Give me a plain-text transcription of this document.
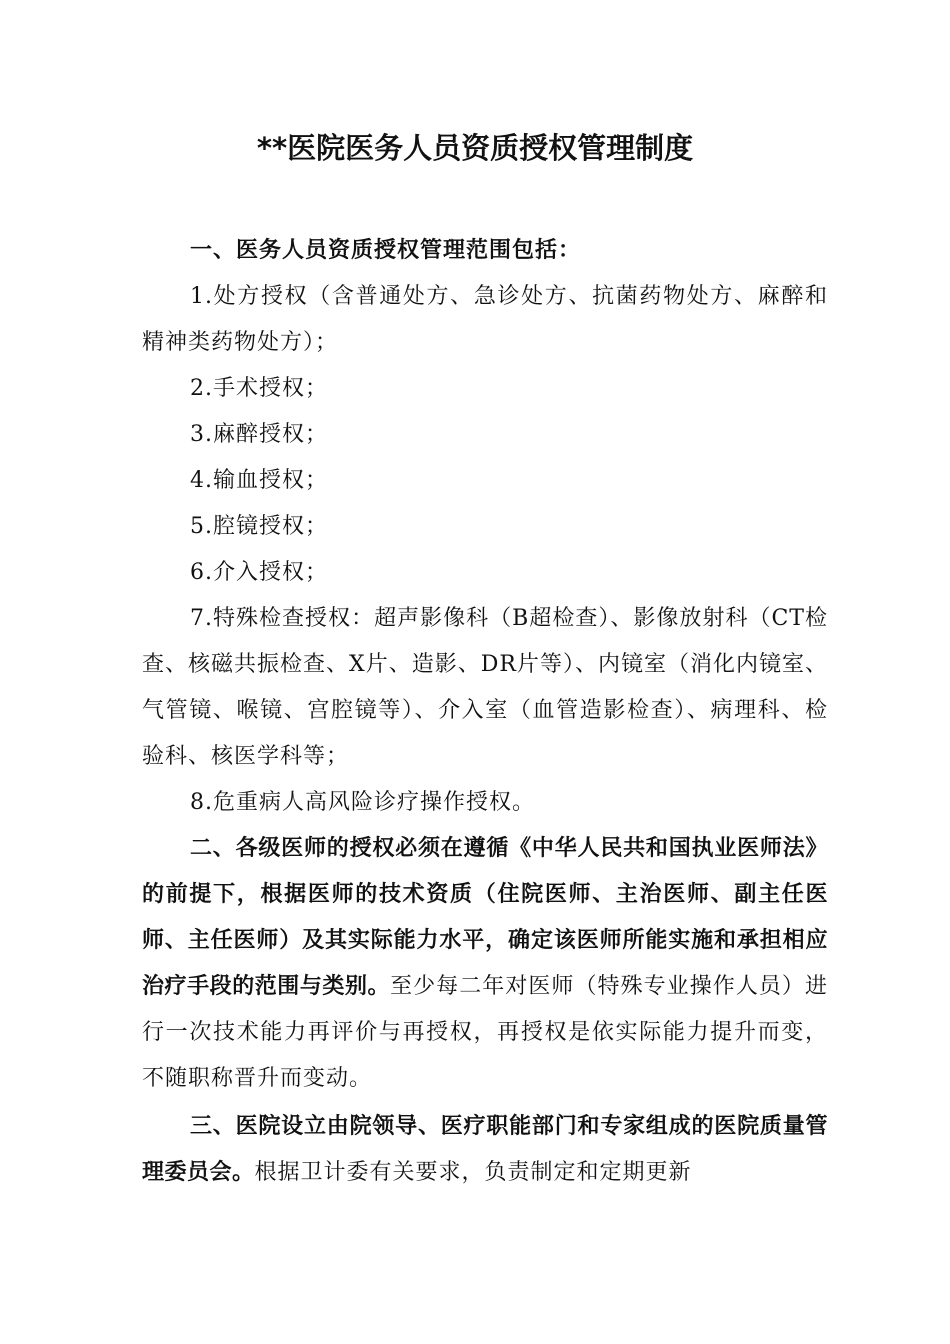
**医院医务人员资质授权管理制度

一、医务人员资质授权管理范围包括：

1.处方授权（含普通处方、急诊处方、抗菌药物处方、麻醉和精神类药物处方）；

2.手术授权；

3.麻醉授权；

4.输血授权；

5.腔镜授权；

6.介入授权；

7.特殊检查授权：超声影像科（B超检查）、影像放射科（CT检查、核磁共振检查、X片、造影、DR片等）、内镜室（消化内镜室、气管镜、喉镜、宫腔镜等）、介入室（血管造影检查）、病理科、检验科、核医学科等；

8.危重病人高风险诊疗操作授权。

二、各级医师的授权必须在遵循《中华人民共和国执业医师法》的前提下，根据医师的技术资质（住院医师、主治医师、副主任医师、主任医师）及其实际能力水平，确定该医师所能实施和承担相应治疗手段的范围与类别。至少每二年对医师（特殊专业操作人员）进行一次技术能力再评价与再授权，再授权是依实际能力提升而变，不随职称晋升而变动。

三、医院设立由院领导、医疗职能部门和专家组成的医院质量管理委员会。根据卫计委有关要求，负责制定和定期更新
